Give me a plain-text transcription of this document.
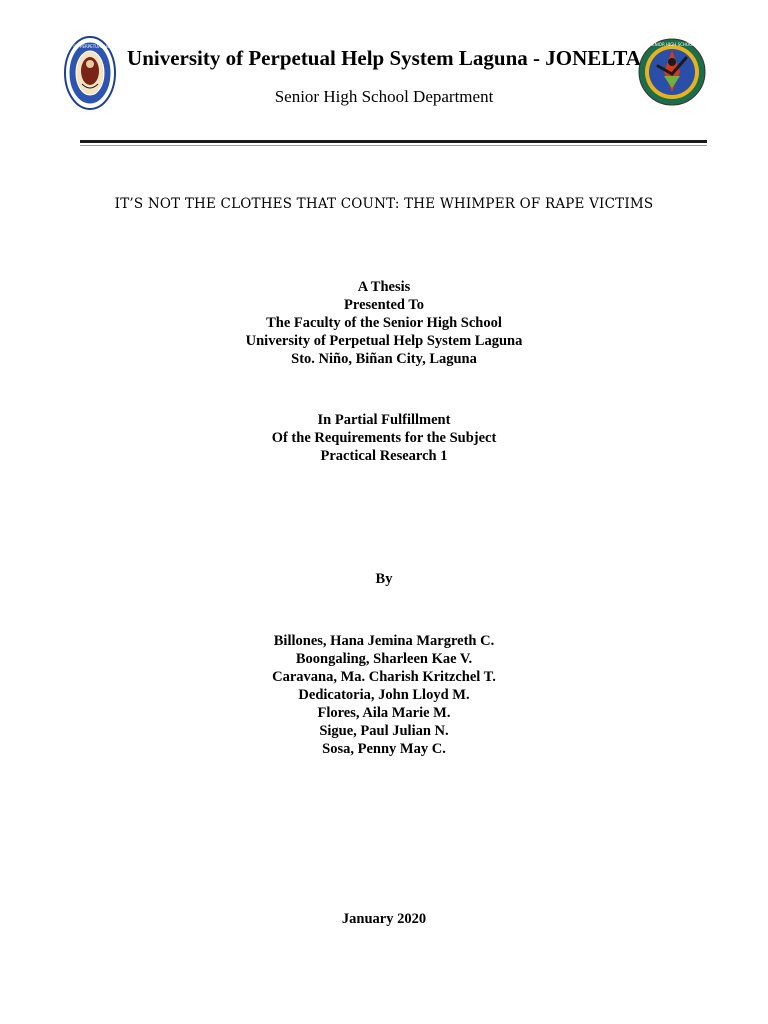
UNIVERSITY OF PERPETUAL HELP SYSTEM
University of Perpetual Help System Laguna - JONELTA
Senior High School Department
SENIOR HIGH SCHOOL
IT’S NOT THE CLOTHES THAT COUNT: THE WHIMPER OF RAPE VICTIMS
A Thesis
Presented To
The Faculty of the Senior High School
University of Perpetual Help System Laguna
Sto. Niño, Biñan City, Laguna
In Partial Fulfillment
Of the Requirements for the Subject
Practical Research 1
By
Billones, Hana Jemina Margreth C.
Boongaling, Sharleen Kae V.
Caravana, Ma. Charish Kritzchel T.
Dedicatoria, John Lloyd M.
Flores, Aila Marie M.
Sigue, Paul Julian N.
Sosa, Penny May C.
January 2020
